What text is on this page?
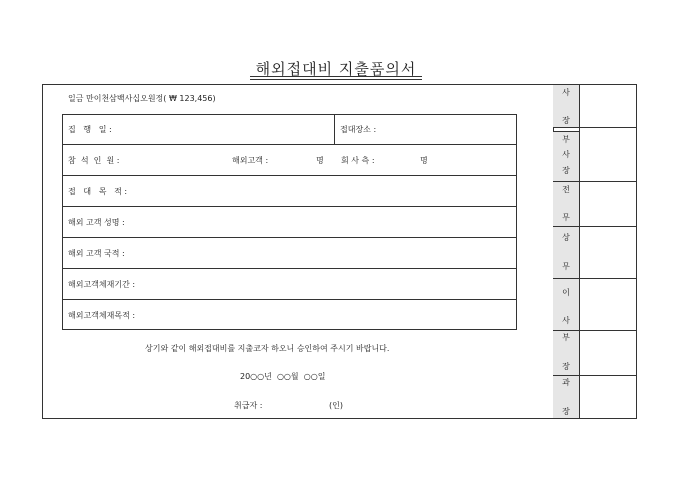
해외접대비 지출품의서
일금 만이천삼백사십오원정( ₩ 123,456)
집   행   일 :	접대장소 :
참  석  인  원 :	해외고객 :	명 회 사 측 :	명
접   대   목   적 :
해외 고객 성명 :
해외 고객 국적 :
해외고객체재기간 :
해외고객체재목적 :
상기와 같이 해외접대비를 지출코자 하오니 승인하여 주시기 바랍니다.
20○○년  ○○월  ○○일
취급자 :	(인)
사
장
부
사
장
전
무
상
무
이
사
부
장
과
장
